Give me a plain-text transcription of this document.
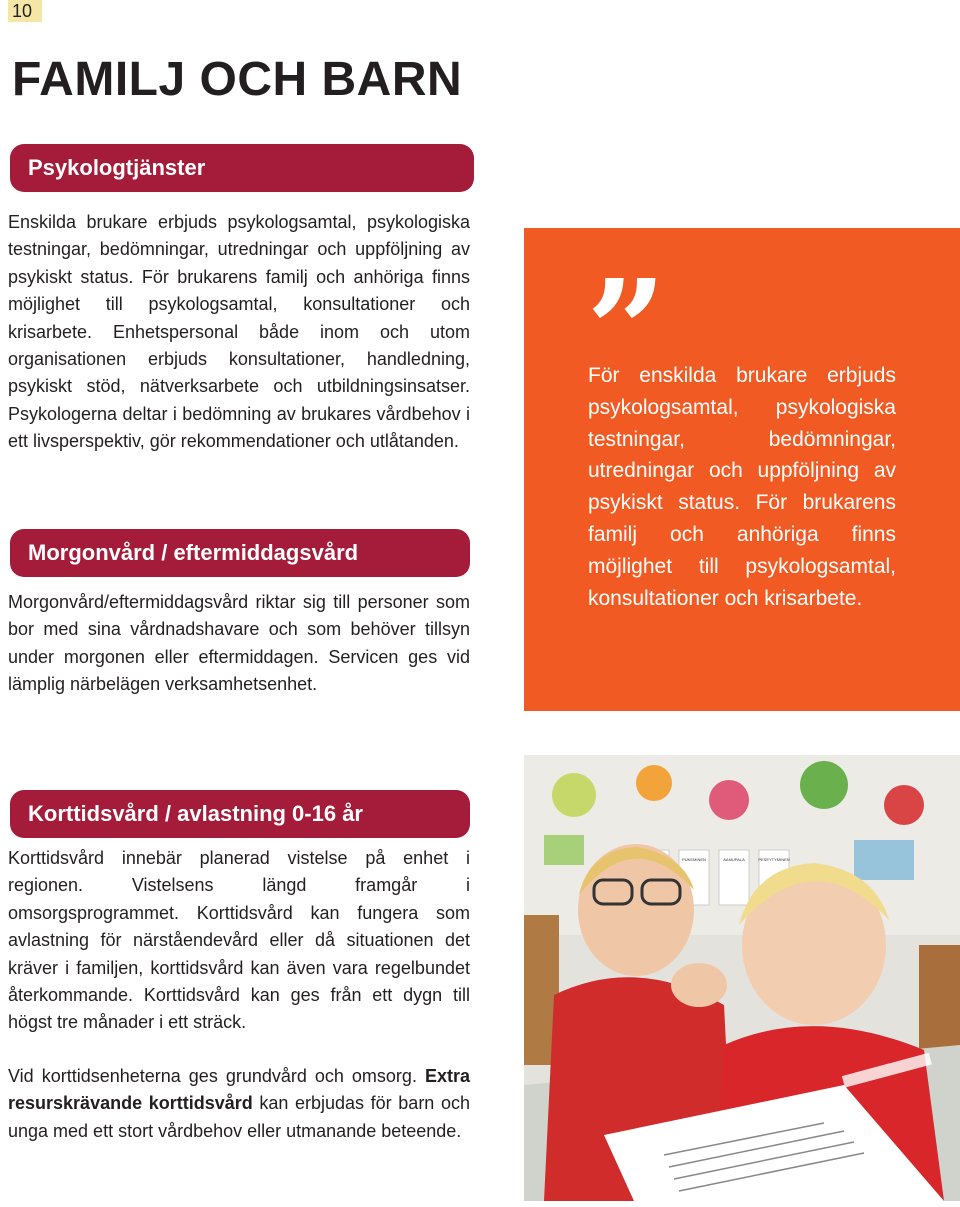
10
FAMILJ OCH BARN
Psykologtjänster

Enskilda brukare erbjuds psykologsamtal, psykologiska testningar, bedömningar, utredningar och uppföljning av psykiskt status. För brukarens familj och anhöriga finns möjlighet till psykologsamtal, konsultationer och krisarbete. Enhetspersonal både inom och utom organisationen erbjuds konsultationer, handledning, psykiskt stöd, nätverksarbete och utbildningsinsatser. Psykologerna deltar i bedömning av brukares vårdbehov i ett livsperspektiv, gör rekommendationer och utlåtanden.

Morgonvård / eftermiddagsvård

Morgonvård/eftermiddagsvård riktar sig till personer som bor med sina vårdnadshavare och som behöver tillsyn under morgonen eller eftermiddagen. Servicen ges vid lämplig närbelägen verksamhetsenhet.

Korttidsvård / avlastning 0-16 år

Korttidsvård innebär planerad vistelse på enhet i regionen. Vistelsens längd framgår i omsorgsprogrammet. Korttidsvård kan fungera som avlastning för närståendevård eller då situationen det kräver i familjen, korttidsvård kan även vara regelbundet återkommande. Korttidsvård kan ges från ett dygn till högst tre månader i ett sträck.

Vid korttidsenheterna ges grundvård och omsorg. Extra resurskrävande korttidsvård kan erbjudas för barn och unga med ett stort vårdbehov eller utmanande beteende.

”

För enskilda brukare erbjuds psykologsamtal, psykologiska testningar, bedömningar, utredningar och uppföljning av psykiskt status. För brukarens familj och anhöriga finns möjlighet till psykologsamtal, konsultationer och krisarbete.

PUKEMINEN	AAMUPALA	PESEYTYMINEN
